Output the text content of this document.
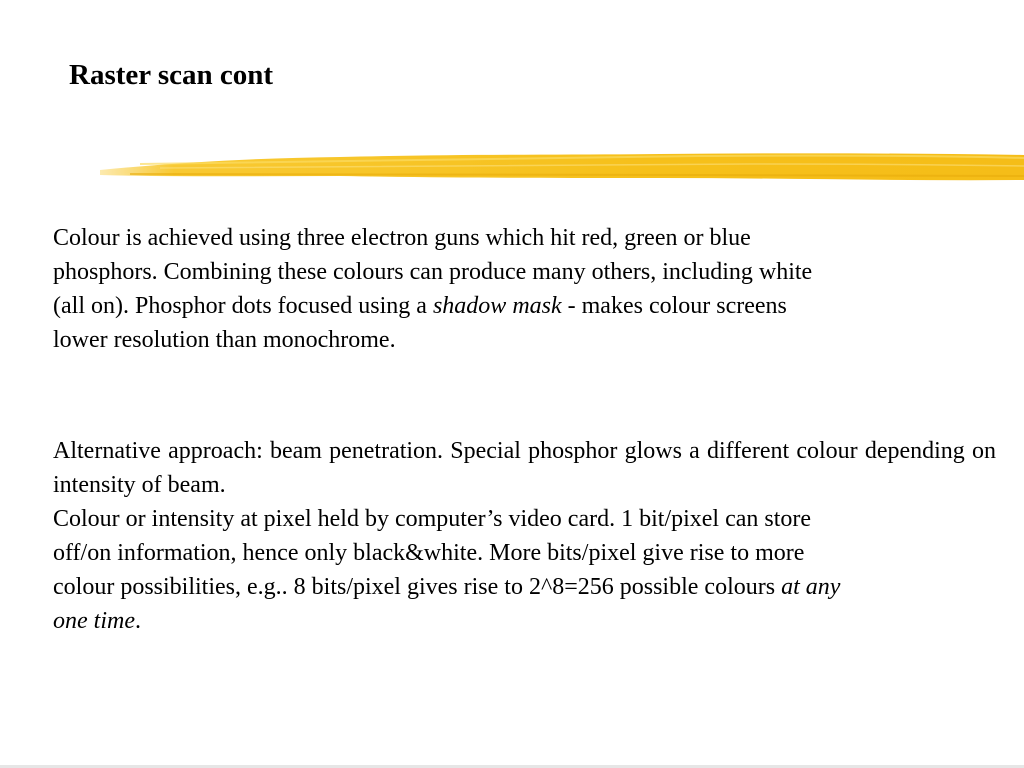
Raster scan cont
Colour is achieved using three electron guns which hit red, green or blue
phosphors. Combining these colours can produce many others, including white
(all on). Phosphor dots focused using a shadow mask - makes colour screens
lower resolution than monochrome.
Alternative approach: beam penetration. Special phosphor glows a different colour depending on intensity of beam.
Colour or intensity at pixel held by computer’s video card. 1 bit/pixel can store
off/on information, hence only black&white. More bits/pixel give rise to more
colour possibilities, e.g.. 8 bits/pixel gives rise to 2^8=256 possible colours at any
one time.
